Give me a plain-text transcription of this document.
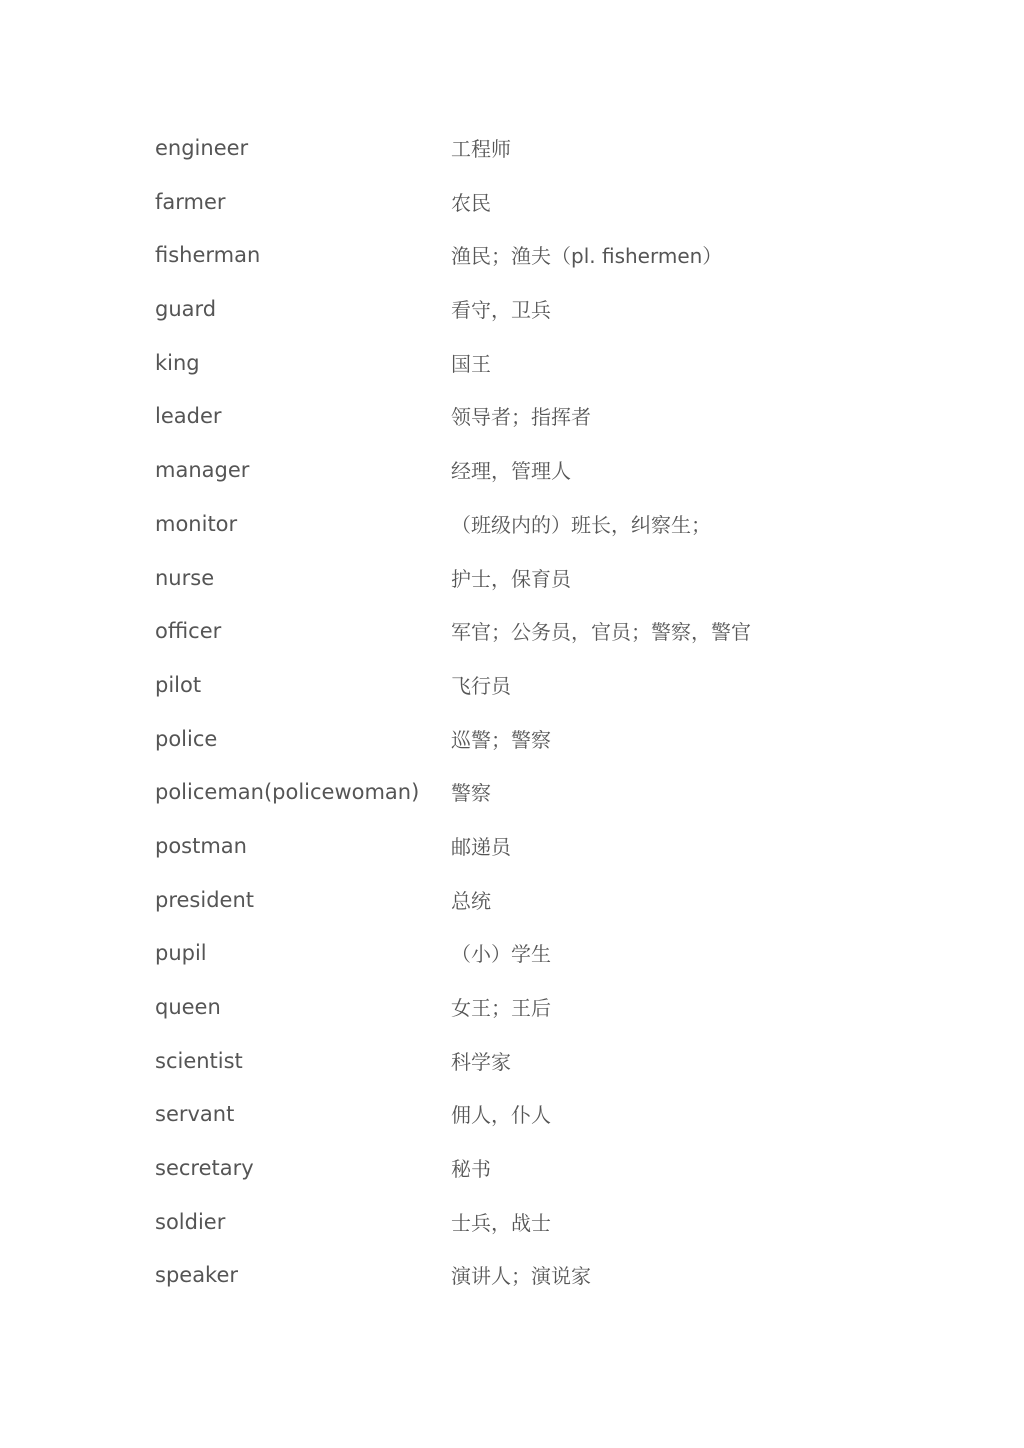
engineer	工程师
farmer	农民
fisherman	渔民；渔夫（pl. fishermen）
guard	看守，卫兵
king	国王
leader	领导者；指挥者
manager	经理，管理人
monitor	（班级内的）班长，纠察生；
nurse	护士，保育员
officer	军官；公务员，官员；警察，警官
pilot	飞行员
police	巡警；警察
policeman(policewoman) 警察
postman	邮递员
president	总统
pupil	（小）学生
queen	女王；王后
scientist	科学家
servant	佣人，仆人
secretary	秘书
soldier	士兵，战士
speaker	演讲人；演说家
